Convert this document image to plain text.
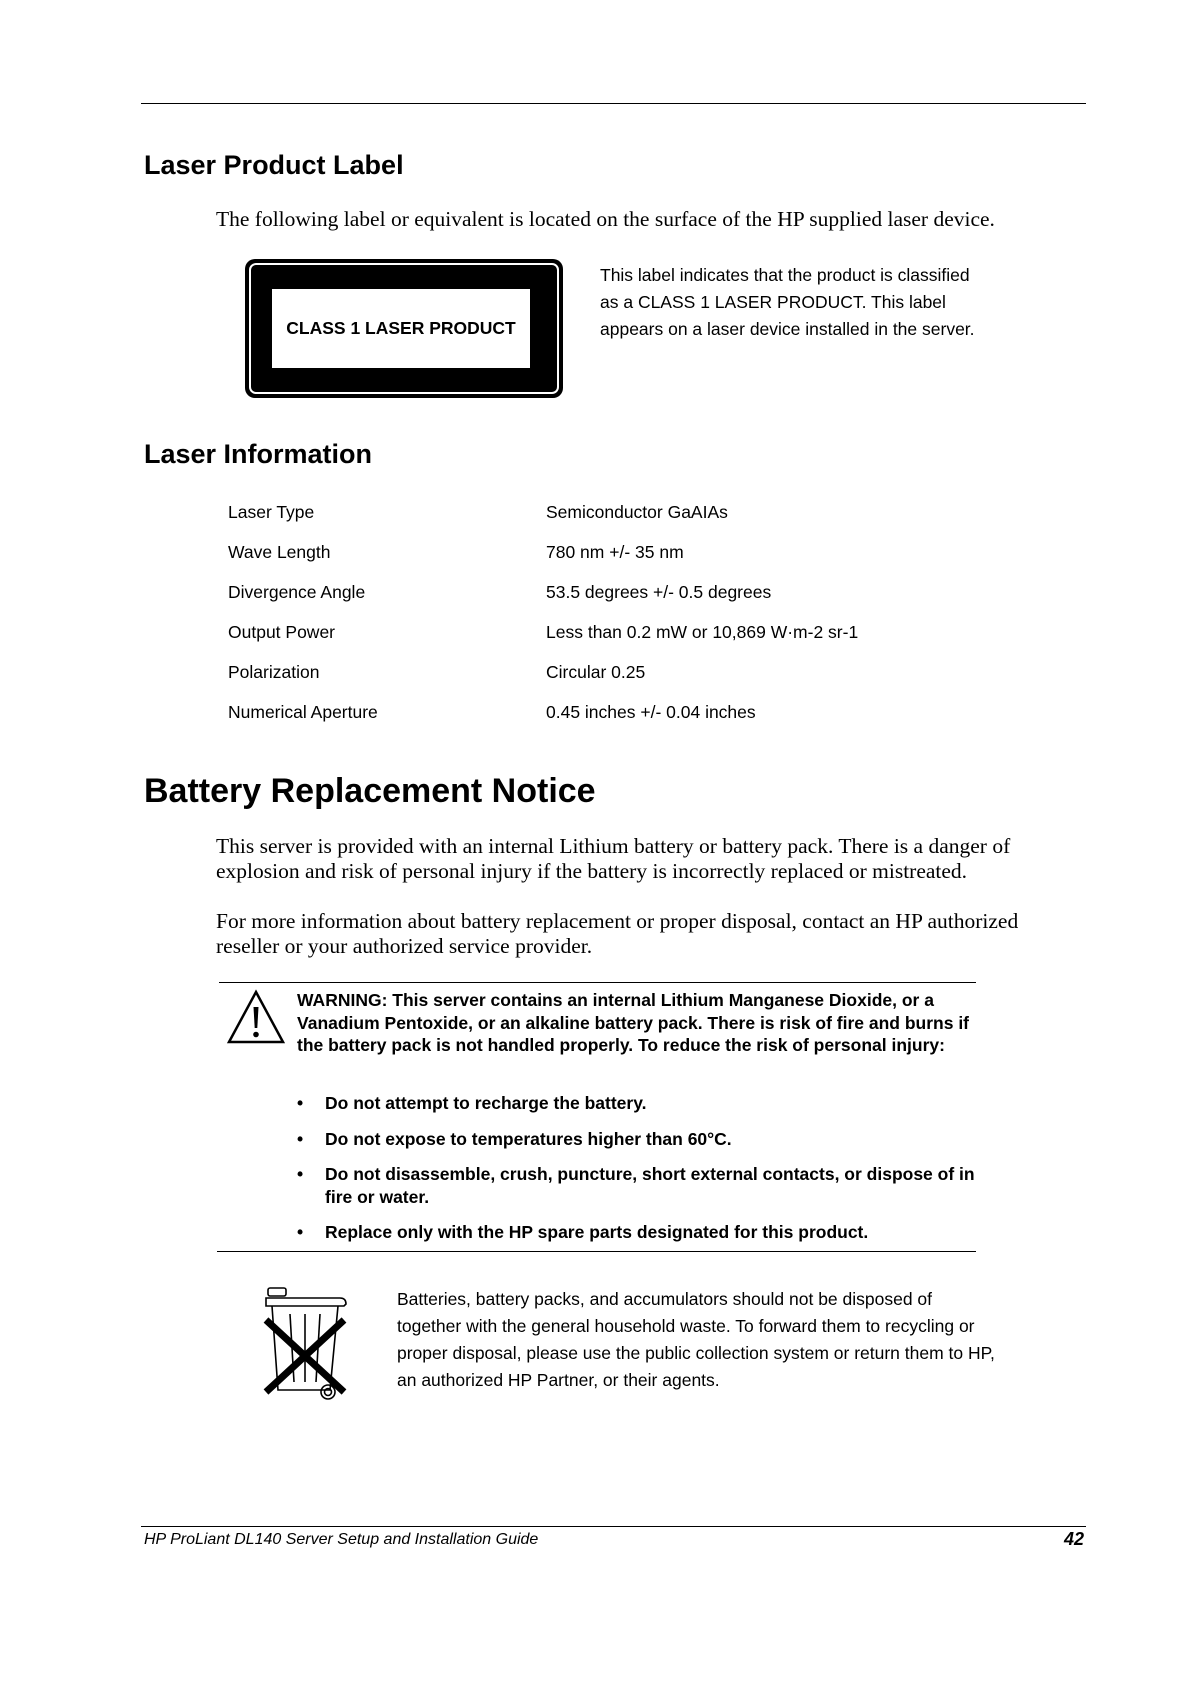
Laser Product Label

The following label or equivalent is located on the surface of the HP supplied laser device.

CLASS 1 LASER PRODUCT

This label indicates that the product is classified as a CLASS 1 LASER PRODUCT. This label appears on a laser device installed in the server.

Laser Information
Laser Type	Semiconductor GaAIAs
Wave Length	780 nm +/- 35 nm
Divergence Angle	53.5 degrees +/- 0.5 degrees
Output Power	Less than 0.2 mW or 10,869 W·m-2 sr-1
Polarization	Circular 0.25
Numerical Aperture	0.45 inches +/- 0.04 inches
Battery Replacement Notice

This server is provided with an internal Lithium battery or battery pack. There is a danger of explosion and risk of personal injury if the battery is incorrectly replaced or mistreated.

For more information about battery replacement or proper disposal, contact an HP authorized reseller or your authorized service provider.

WARNING: This server contains an internal Lithium Manganese Dioxide, or a Vanadium Pentoxide, or an alkaline battery pack. There is risk of fire and burns if the battery pack is not handled properly. To reduce the risk of personal injury:
• Do not attempt to recharge the battery.
• Do not expose to temperatures higher than 60°C.
• Do not disassemble, crush, puncture, short external contacts, or dispose of in fire or water.
• Replace only with the HP spare parts designated for this product.

Batteries, battery packs, and accumulators should not be disposed of together with the general household waste. To forward them to recycling or proper disposal, please use the public collection system or return them to HP, an authorized HP Partner, or their agents.

HP ProLiant DL140 Server Setup and Installation Guide	42
